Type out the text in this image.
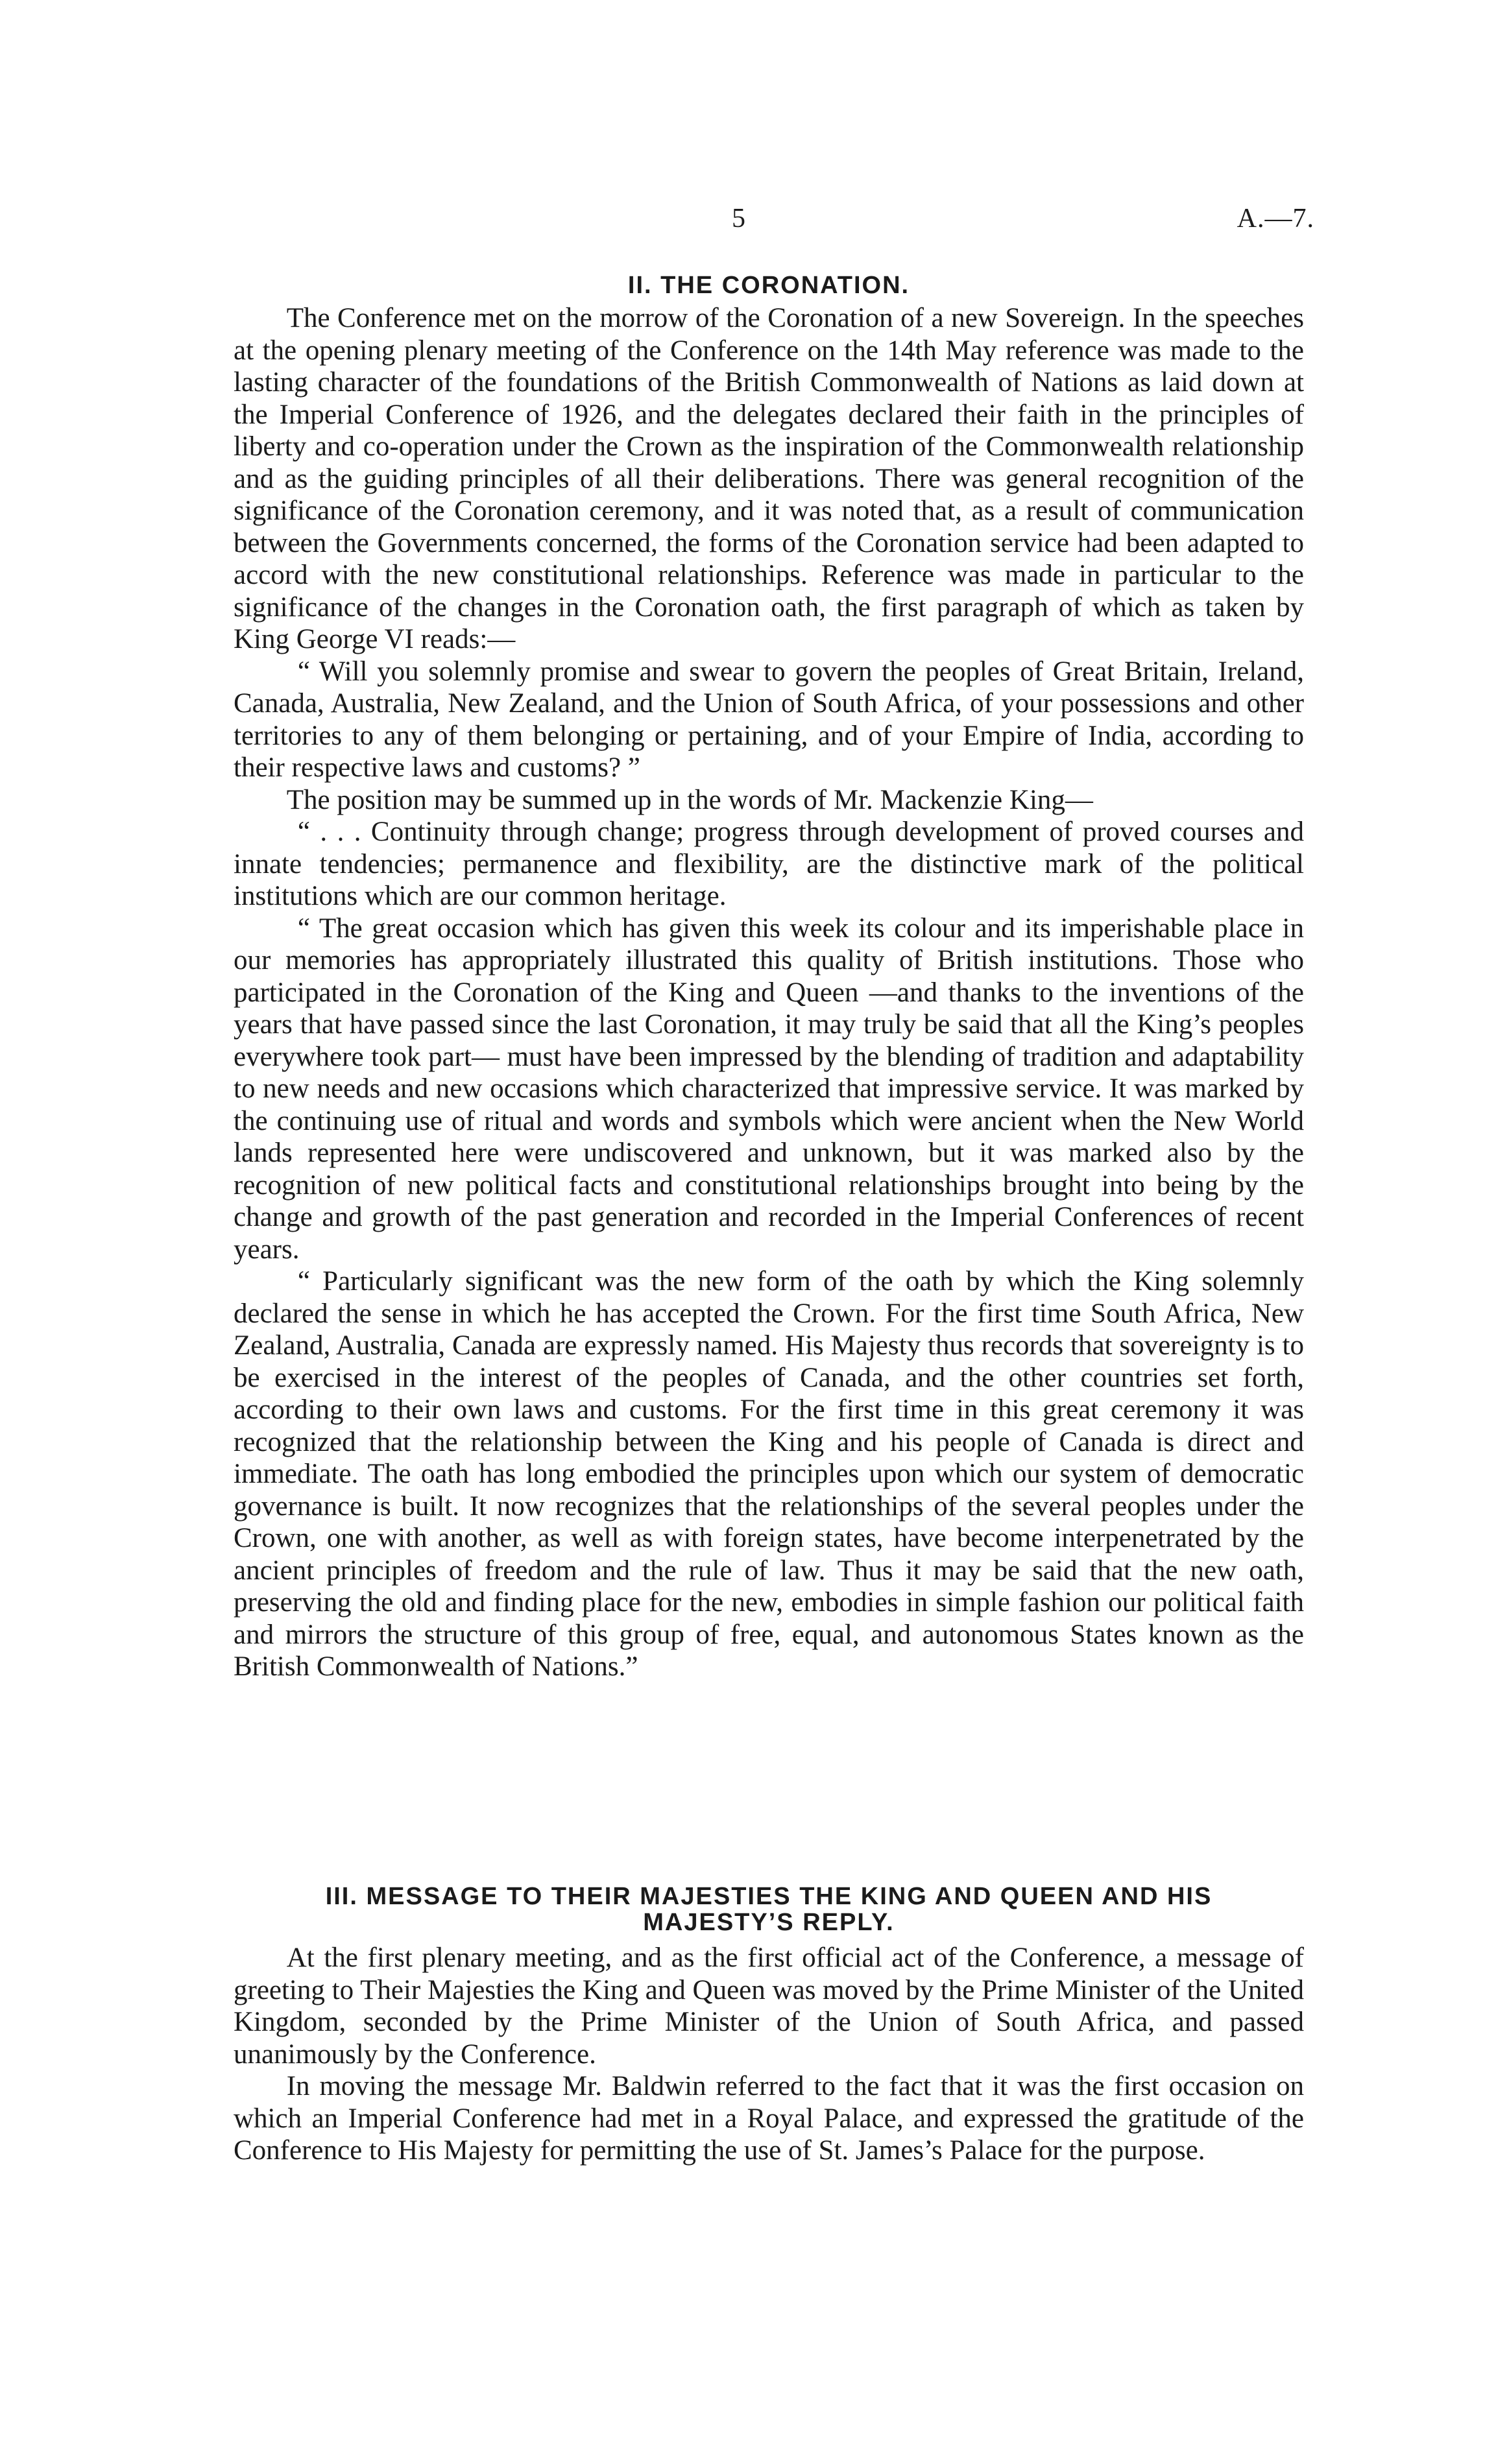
5	A.—7.
II. THE CORONATION.

The Conference met on the morrow of the Coronation of a new Sovereign. In the speeches at the opening plenary meeting of the Conference on the 14th May reference was made to the lasting character of the foundations of the British Commonwealth of Nations as laid down at the Imperial Conference of 1926, and the delegates declared their faith in the principles of liberty and co-operation under the Crown as the inspiration of the Commonwealth relationship and as the guiding principles of all their deliberations. There was general recognition of the significance of the Coronation ceremony, and it was noted that, as a result of communication between the Governments concerned, the forms of the Coronation service had been adapted to accord with the new constitutional relationships. Reference was made in particular to the significance of the changes in the Coronation oath, the first paragraph of which as taken by King George VI reads:—

“ Will you solemnly promise and swear to govern the peoples of Great Britain, Ireland, Canada, Australia, New Zealand, and the Union of South Africa, of your possessions and other territories to any of them belonging or pertaining, and of your Empire of India, according to their respective laws and customs? ”

The position may be summed up in the words of Mr. Mackenzie King—

“ . . . Continuity through change; progress through development of proved courses and innate tendencies; permanence and flexibility, are the distinctive mark of the political institutions which are our common heritage.

“ The great occasion which has given this week its colour and its imperishable place in our memories has appropriately illustrated this quality of British institutions. Those who participated in the Coronation of the King and Queen —and thanks to the inventions of the years that have passed since the last Coronation, it may truly be said that all the King’s peoples everywhere took part— must have been impressed by the blending of tradition and adaptability to new needs and new occasions which characterized that impressive service. It was marked by the continuing use of ritual and words and symbols which were ancient when the New World lands represented here were undiscovered and unknown, but it was marked also by the recognition of new political facts and constitutional relationships brought into being by the change and growth of the past generation and recorded in the Imperial Conferences of recent years.

“ Particularly significant was the new form of the oath by which the King solemnly declared the sense in which he has accepted the Crown. For the first time South Africa, New Zealand, Australia, Canada are expressly named. His Majesty thus records that sovereignty is to be exercised in the interest of the peoples of Canada, and the other countries set forth, according to their own laws and customs. For the first time in this great ceremony it was recognized that the relationship between the King and his people of Canada is direct and immediate. The oath has long embodied the principles upon which our system of democratic governance is built. It now recognizes that the relationships of the several peoples under the Crown, one with another, as well as with foreign states, have become interpenetrated by the ancient principles of freedom and the rule of law. Thus it may be said that the new oath, preserving the old and finding place for the new, embodies in simple fashion our political faith and mirrors the structure of this group of free, equal, and autonomous States known as the British Commonwealth of Nations.”

III. MESSAGE TO THEIR MAJESTIES THE KING AND QUEEN AND HIS
MAJESTY’S REPLY.

At the first plenary meeting, and as the first official act of the Conference, a message of greeting to Their Majesties the King and Queen was moved by the Prime Minister of the United Kingdom, seconded by the Prime Minister of the Union of South Africa, and passed unanimously by the Conference.

In moving the message Mr. Baldwin referred to the fact that it was the first occasion on which an Imperial Conference had met in a Royal Palace, and expressed the gratitude of the Conference to His Majesty for permitting the use of St. James’s Palace for the purpose.
